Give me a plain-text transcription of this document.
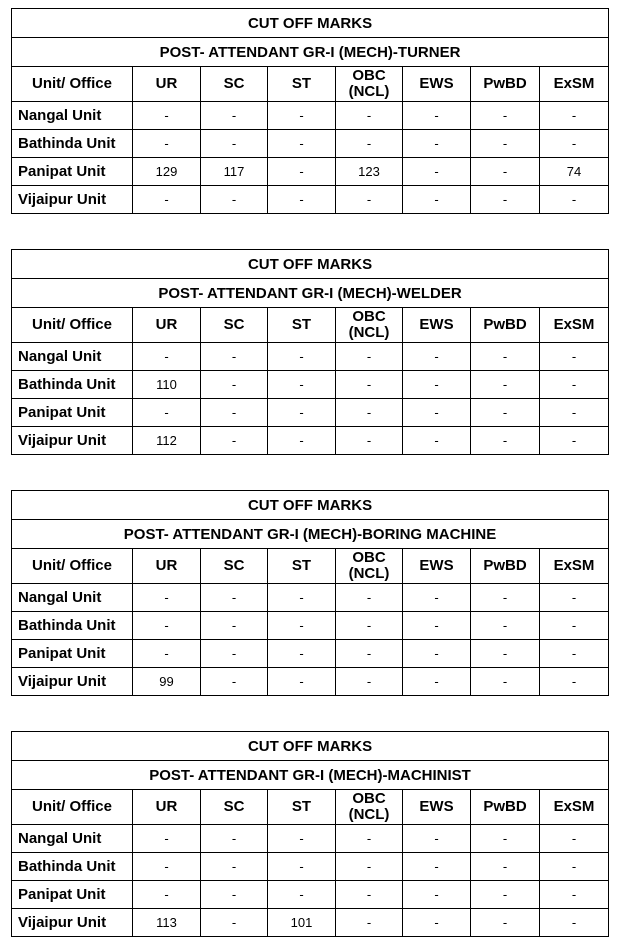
CUT OFF MARKS							
POST- ATTENDANT GR-I (MECH)-TURNER							
Unit/ Office	UR	SC	ST	OBC (NCL)	EWS	PwBD	ExSM
Nangal Unit	-	-	-	-	-	-	-
Bathinda Unit	-	-	-	-	-	-	-
Panipat Unit	129	117	-	123	-	-	74
Vijaipur Unit	-	-	-	-	-	-	-
CUT OFF MARKS							
POST- ATTENDANT GR-I (MECH)-WELDER							
Unit/ Office	UR	SC	ST	OBC (NCL)	EWS	PwBD	ExSM
Nangal Unit	-	-	-	-	-	-	-
Bathinda Unit	110	-	-	-	-	-	-
Panipat Unit	-	-	-	-	-	-	-
Vijaipur Unit	112	-	-	-	-	-	-
CUT OFF MARKS							
POST- ATTENDANT GR-I (MECH)-BORING MACHINE							
Unit/ Office	UR	SC	ST	OBC (NCL)	EWS	PwBD	ExSM
Nangal Unit	-	-	-	-	-	-	-
Bathinda Unit	-	-	-	-	-	-	-
Panipat Unit	-	-	-	-	-	-	-
Vijaipur Unit	99	-	-	-	-	-	-
CUT OFF MARKS							
POST- ATTENDANT GR-I (MECH)-MACHINIST							
Unit/ Office	UR	SC	ST	OBC (NCL)	EWS	PwBD	ExSM
Nangal Unit	-	-	-	-	-	-	-
Bathinda Unit	-	-	-	-	-	-	-
Panipat Unit	-	-	-	-	-	-	-
Vijaipur Unit	113	-	101	-	-	-	-
